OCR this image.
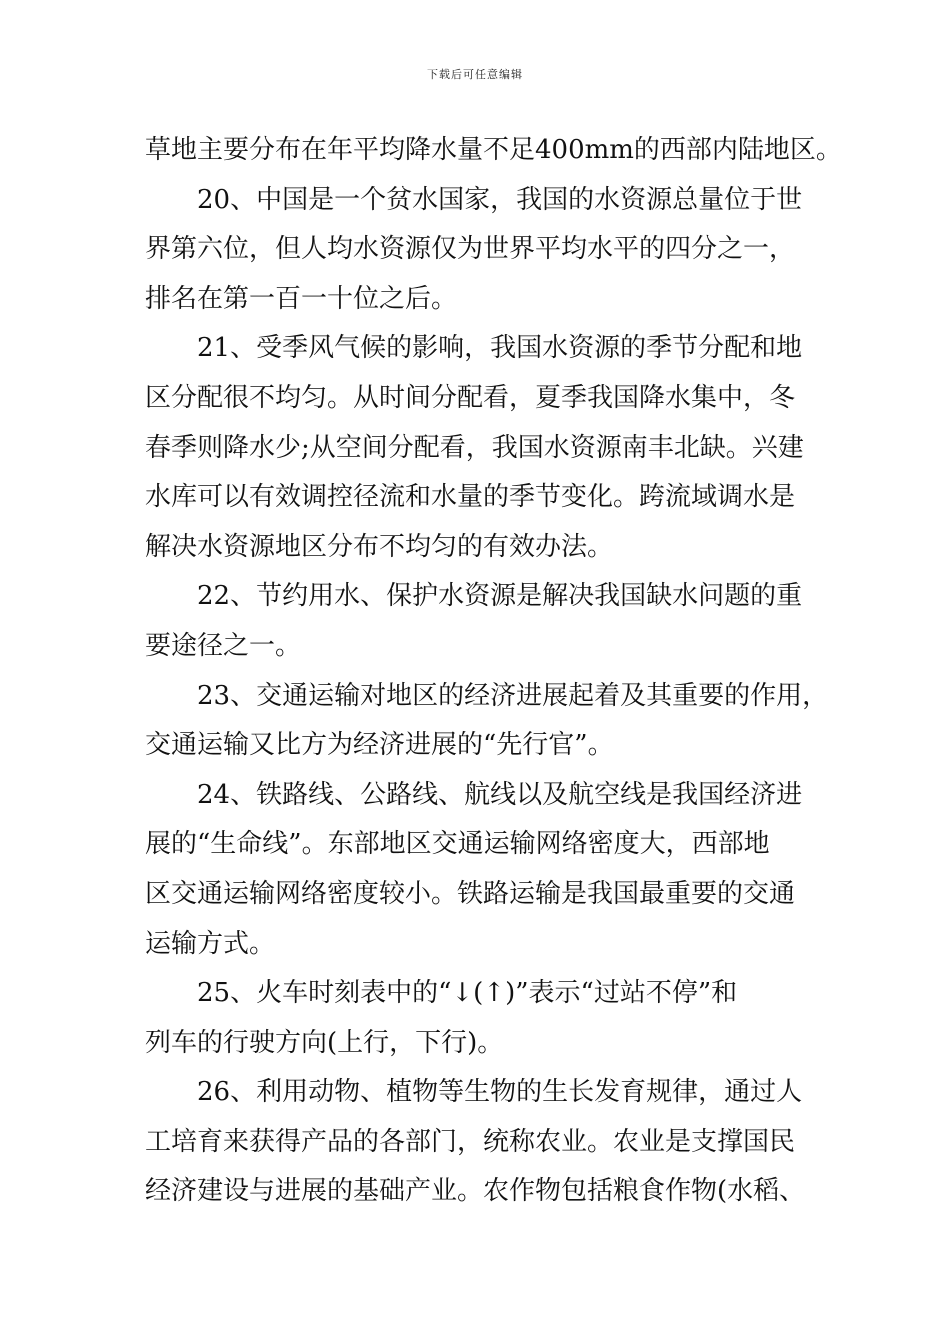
下载后可任意编辑
草地主要分布在年平均降水量不足400mm的西部内陆地区。
20、中国是一个贫水国家，我国的水资源总量位于世
界第六位，但人均水资源仅为世界平均水平的四分之一，
排名在第一百一十位之后。
21、受季风气候的影响，我国水资源的季节分配和地
区分配很不均匀。从时间分配看，夏季我国降水集中，冬
春季则降水少;从空间分配看，我国水资源南丰北缺。兴建
水库可以有效调控径流和水量的季节变化。跨流域调水是
解决水资源地区分布不均匀的有效办法。
22、节约用水、保护水资源是解决我国缺水问题的重
要途径之一。
23、交通运输对地区的经济进展起着及其重要的作用，
交通运输又比方为经济进展的“先行官”。
24、铁路线、公路线、航线以及航空线是我国经济进
展的“生命线”。东部地区交通运输网络密度大，西部地
区交通运输网络密度较小。铁路运输是我国最重要的交通
运输方式。
25、火车时刻表中的“↓(↑)”表示“过站不停”和
列车的行驶方向(上行，下行)。
26、利用动物、植物等生物的生长发育规律，通过人
工培育来获得产品的各部门，统称农业。农业是支撑国民
经济建设与进展的基础产业。农作物包括粮食作物(水稻、
